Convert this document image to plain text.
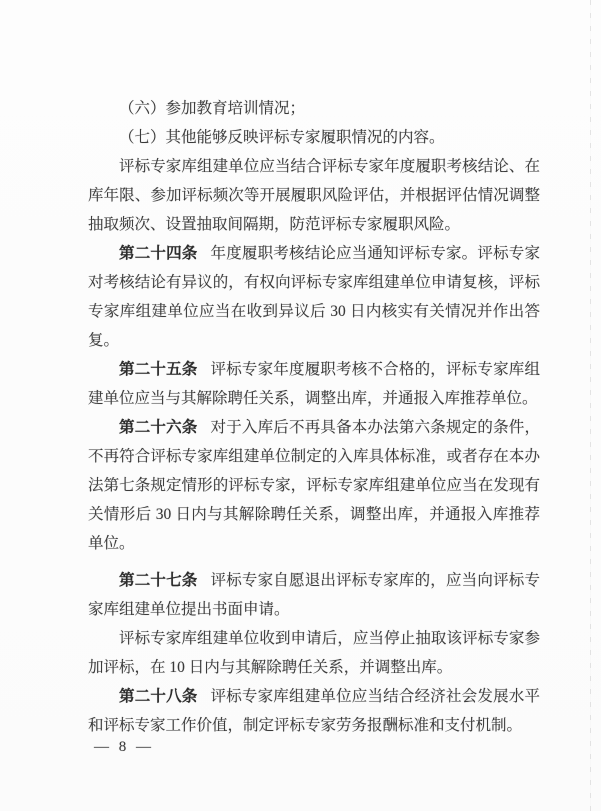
（六）参加教育培训情况；

（七）其他能够反映评标专家履职情况的内容。

评标专家库组建单位应当结合评标专家年度履职考核结论、在库年限、参加评标频次等开展履职风险评估，并根据评估情况调整抽取频次、设置抽取间隔期，防范评标专家履职风险。

第二十四条 年度履职考核结论应当通知评标专家。评标专家对考核结论有异议的，有权向评标专家库组建单位申请复核，评标专家库组建单位应当在收到异议后 30 日内核实有关情况并作出答复。

第二十五条 评标专家年度履职考核不合格的，评标专家库组建单位应当与其解除聘任关系，调整出库，并通报入库推荐单位。

第二十六条 对于入库后不再具备本办法第六条规定的条件，不再符合评标专家库组建单位制定的入库具体标准，或者存在本办法第七条规定情形的评标专家，评标专家库组建单位应当在发现有关情形后 30 日内与其解除聘任关系，调整出库，并通报入库推荐单位。

第二十七条 评标专家自愿退出评标专家库的，应当向评标专家库组建单位提出书面申请。

评标专家库组建单位收到申请后，应当停止抽取该评标专家参加评标，在 10 日内与其解除聘任关系，并调整出库。

第二十八条 评标专家库组建单位应当结合经济社会发展水平和评标专家工作价值，制定评标专家劳务报酬标准和支付机制。

— 8 —
